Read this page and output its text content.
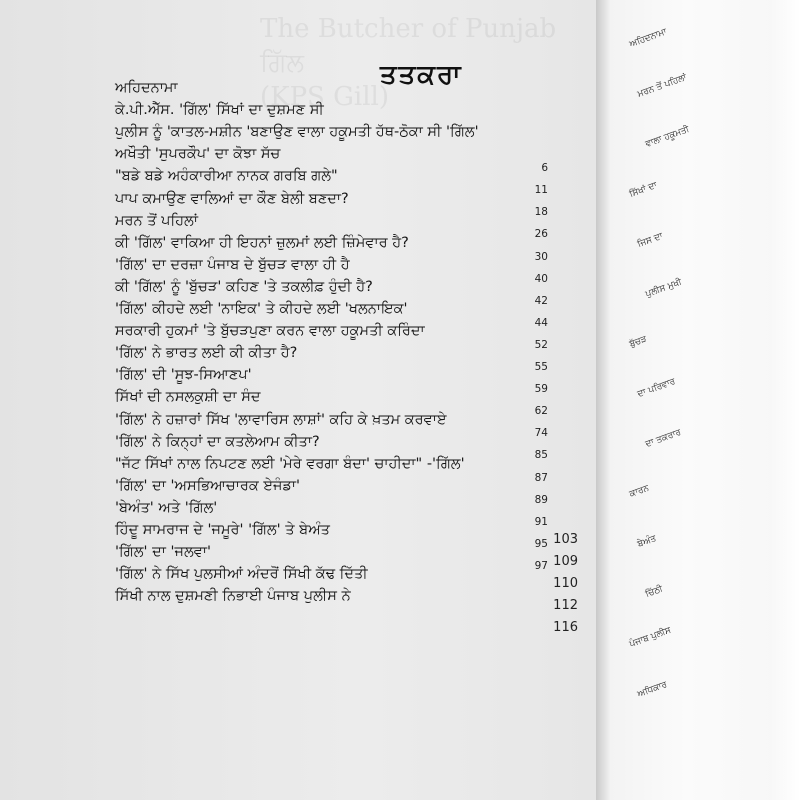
The Butcher of Punjab
ਗਿੱਲ
(KPS Gill)
ਤਤਕਰਾ
ਅਹਿਦਨਾਮਾ
ਕੇ.ਪੀ.ਐੱਸ. 'ਗਿੱਲ' ਸਿੱਖਾਂ ਦਾ ਦੁਸ਼ਮਣ ਸੀ
6
ਪੁਲੀਸ ਨੂੰ 'ਕਾਤਲ-ਮਸ਼ੀਨ 'ਬਣਾਉਣ ਵਾਲਾ ਹਕੂਮਤੀ ਹੱਥ-ਠੋਕਾ ਸੀ 'ਗਿੱਲ'
11
ਅਖੌਤੀ 'ਸੁਪਰਕੌਪ' ਦਾ ਕੋਝਾ ਸੱਚ
18
"ਬਡੇ ਬਡੇ ਅਹੰਕਾਰੀਆ ਨਾਨਕ ਗਰਬਿ ਗਲੇ"
26
ਪਾਪ ਕਮਾਉਣ ਵਾਲਿਆਂ ਦਾ ਕੌਣ ਬੇਲੀ ਬਣਦਾ?
30
ਮਰਨ ਤੋਂ ਪਹਿਲਾਂ
40
ਕੀ 'ਗਿੱਲ' ਵਾਕਿਆ ਹੀ ਇਹਨਾਂ ਜ਼ੁਲਮਾਂ ਲਈ ਜ਼ਿੰਮੇਵਾਰ ਹੈ?
42
'ਗਿੱਲ' ਦਾ ਦਰਜ਼ਾ ਪੰਜਾਬ ਦੇ ਬੁੱਚੜ ਵਾਲਾ ਹੀ ਹੈ
44
ਕੀ 'ਗਿੱਲ' ਨੂੰ 'ਬੁੱਚੜ' ਕਹਿਣ 'ਤੇ ਤਕਲੀਫ਼ ਹੁੰਦੀ ਹੈ?
52
'ਗਿੱਲ' ਕੀਹਦੇ ਲਈ 'ਨਾਇਕ' ਤੇ ਕੀਹਦੇ ਲਈ 'ਖਲਨਾਇਕ'
55
ਸਰਕਾਰੀ ਹੁਕਮਾਂ 'ਤੇ ਬੁੱਚੜਪੁਣਾ ਕਰਨ ਵਾਲਾ ਹਕੂਮਤੀ ਕਰਿੰਦਾ
59
'ਗਿੱਲ' ਨੇ ਭਾਰਤ ਲਈ ਕੀ ਕੀਤਾ ਹੈ?
62
'ਗਿੱਲ' ਦੀ 'ਸੂਝ-ਸਿਆਣਪ'
74
ਸਿੱਖਾਂ ਦੀ ਨਸਲਕੁਸ਼ੀ ਦਾ ਸੰਦ
85
'ਗਿੱਲ' ਨੇ ਹਜ਼ਾਰਾਂ ਸਿੱਖ 'ਲਾਵਾਰਿਸ ਲਾਸ਼ਾਂ' ਕਹਿ ਕੇ ਖ਼ਤਮ ਕਰਵਾਏ
87
'ਗਿੱਲ' ਨੇ ਕਿਨ੍ਹਾਂ ਦਾ ਕਤਲੇਆਮ ਕੀਤਾ?
89
"ਜੱਟ ਸਿੱਖਾਂ ਨਾਲ ਨਿਪਟਣ ਲਈ 'ਮੇਰੇ ਵਰਗਾ ਬੰਦਾ' ਚਾਹੀਦਾ" -'ਗਿੱਲ'
91
'ਗਿੱਲ' ਦਾ 'ਅਸਭਿਆਚਾਰਕ ਏਜੰਡਾ'
95
'ਬੇਅੰਤ' ਅਤੇ 'ਗਿੱਲ'
97
ਹਿੰਦੂ ਸਾਮਰਾਜ ਦੇ 'ਜਮੂਰੇ' 'ਗਿੱਲ' ਤੇ ਬੇਅੰਤ
103
'ਗਿੱਲ' ਦਾ 'ਜਲਵਾ'
109
'ਗਿੱਲ' ਨੇ ਸਿੱਖ ਪੁਲਸੀਆਂ ਅੰਦਰੋਂ ਸਿੱਖੀ ਕੱਢ ਦਿੱਤੀ
110
ਸਿੱਖੀ ਨਾਲ ਦੁਸ਼ਮਣੀ ਨਿਭਾਈ ਪੰਜਾਬ ਪੁਲੀਸ ਨੇ
112
116
ਅਹਿਦਨਾਮਾ
ਮਰਨ ਤੋਂ ਪਹਿਲਾਂ
ਵਾਲਾ ਹਕੂਮਤੀ
ਸਿੱਖਾਂ ਦਾ
ਜਿਸ ਦਾ
ਪੁਲੀਸ ਮੁਖੀ
ਬੁੱਚੜ
ਦਾ ਪਰਿਵਾਰ
ਦਾ ਤਕਰਾਰ
ਕਾਰਨ
ਬੇਅੰਤ
ਚਿੱਠੀ
ਪੰਜਾਬ ਪੁਲੀਸ
ਅਧਿਕਾਰ
